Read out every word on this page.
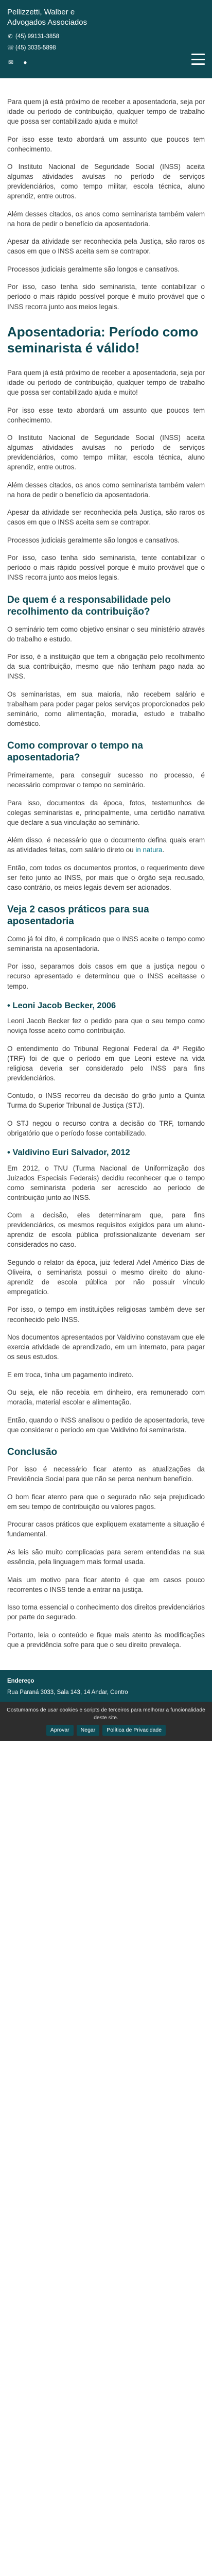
Pellizzetti, Walber e
Advogados Associados
✆ (45) 99131-3858
☏ (45) 3035-5898
✉ ●

Para quem já está próximo de receber a aposentadoria, seja por idade ou período de contribuição, qualquer tempo de trabalho que possa ser contabilizado ajuda e muito!

Por isso esse texto abordará um assunto que poucos tem conhecimento.

O Instituto Nacional de Seguridade Social (INSS) aceita algumas atividades avulsas no período de serviços previdenciários, como tempo militar, escola técnica, aluno aprendiz, entre outros.

Além desses citados, os anos como seminarista também valem na hora de pedir o benefício da aposentadoria.

Apesar da atividade ser reconhecida pela Justiça, são raros os casos em que o INSS aceita sem se contrapor.

Processos judiciais geralmente são longos e cansativos.

Por isso, caso tenha sido seminarista, tente contabilizar o período o mais rápido possível porque é muito provável que o INSS recorra junto aos meios legais.

Aposentadoria: Período como seminarista é válido!

Para quem já está próximo de receber a aposentadoria, seja por idade ou período de contribuição, qualquer tempo de trabalho que possa ser contabilizado ajuda e muito!

Por isso esse texto abordará um assunto que poucos tem conhecimento.

O Instituto Nacional de Seguridade Social (INSS) aceita algumas atividades avulsas no período de serviços previdenciários, como tempo militar, escola técnica, aluno aprendiz, entre outros.

Além desses citados, os anos como seminarista também valem na hora de pedir o benefício da aposentadoria.

Apesar da atividade ser reconhecida pela Justiça, são raros os casos em que o INSS aceita sem se contrapor.

Processos judiciais geralmente são longos e cansativos.

Por isso, caso tenha sido seminarista, tente contabilizar o período o mais rápido possível porque é muito provável que o INSS recorra junto aos meios legais.

De quem é a responsabilidade pelo recolhimento da contribuição?

O seminário tem como objetivo ensinar o seu ministério através do trabalho e estudo.

Por isso, é a instituição que tem a obrigação pelo recolhimento da sua contribuição, mesmo que não tenham pago nada ao INSS.

Os seminaristas, em sua maioria, não recebem salário e trabalham para poder pagar pelos serviços proporcionados pelo seminário, como alimentação, moradia, estudo e trabalho doméstico.

Como comprovar o tempo na aposentadoria?

Primeiramente, para conseguir sucesso no processo, é necessário comprovar o tempo no seminário.

Para isso, documentos da época, fotos, testemunhos de colegas seminaristas e, principalmente, uma certidão narrativa que declare a sua vinculação ao seminário.

Além disso, é necessário que o documento defina quais eram as atividades feitas, com salário direto ou in natura.

Então, com todos os documentos prontos, o requerimento deve ser feito junto ao INSS, por mais que o órgão seja recusado, caso contrário, os meios legais devem ser acionados.

Veja 2 casos práticos para sua aposentadoria

Como já foi dito, é complicado que o INSS aceite o tempo como seminarista na aposentadoria.

Por isso, separamos dois casos em que a justiça negou o recurso apresentado e determinou que o INSS aceitasse o tempo.

• Leoni Jacob Becker, 2006

Leoni Jacob Becker fez o pedido para que o seu tempo como noviça fosse aceito como contribuição.

O entendimento do Tribunal Regional Federal da 4ª Região (TRF) foi de que o período em que Leoni esteve na vida religiosa deveria ser considerado pelo INSS para fins previdenciários.

Contudo, o INSS recorreu da decisão do grão junto a Quinta Turma do Superior Tribunal de Justiça (STJ).

O STJ negou o recurso contra a decisão do TRF, tornando obrigatório que o período fosse contabilizado.

• Valdivino Euri Salvador, 2012

Em 2012, o TNU (Turma Nacional de Uniformização dos Juizados Especiais Federais) decidiu reconhecer que o tempo como seminarista poderia ser acrescido ao período de contribuição junto ao INSS.

Com a decisão, eles determinaram que, para fins previdenciários, os mesmos requisitos exigidos para um aluno-aprendiz de escola pública profissionalizante deveriam ser considerados no caso.

Segundo o relator da época, juiz federal Adel Américo Dias de Oliveira, o seminarista possui o mesmo direito do aluno-aprendiz de escola pública por não possuir vínculo empregatício.

Por isso, o tempo em instituições religiosas também deve ser reconhecido pelo INSS.

Nos documentos apresentados por Valdivino constavam que ele exercia atividade de aprendizado, em um internato, para pagar os seus estudos.

E em troca, tinha um pagamento indireto.

Ou seja, ele não recebia em dinheiro, era remunerado com moradia, material escolar e alimentação.

Então, quando o INSS analisou o pedido de aposentadoria, teve que considerar o período em que Valdivino foi seminarista.

Conclusão

Por isso é necessário ficar atento as atualizações da Previdência Social para que não se perca nenhum benefício.

O bom ficar atento para que o segurado não seja prejudicado em seu tempo de contribuição ou valores pagos.

Procurar casos práticos que expliquem exatamente a situação é fundamental.

As leis são muito complicadas para serem entendidas na sua essência, pela linguagem mais formal usada.

Mais um motivo para ficar atento é que em casos pouco recorrentes o INSS tende a entrar na justiça.

Isso torna essencial o conhecimento dos direitos previdenciários por parte do segurado.

Portanto, leia o conteúdo e fique mais atento às modificações que a previdência sofre para que o seu direito prevaleça.

Endereço
Rua Paraná 3033, Sala 143, 14 Andar, Centro
Costumamos de usar cookies e scripts de terceiros para melhorar a funcionalidade deste site.
Aprovar	Negar	Política de Privacidade
